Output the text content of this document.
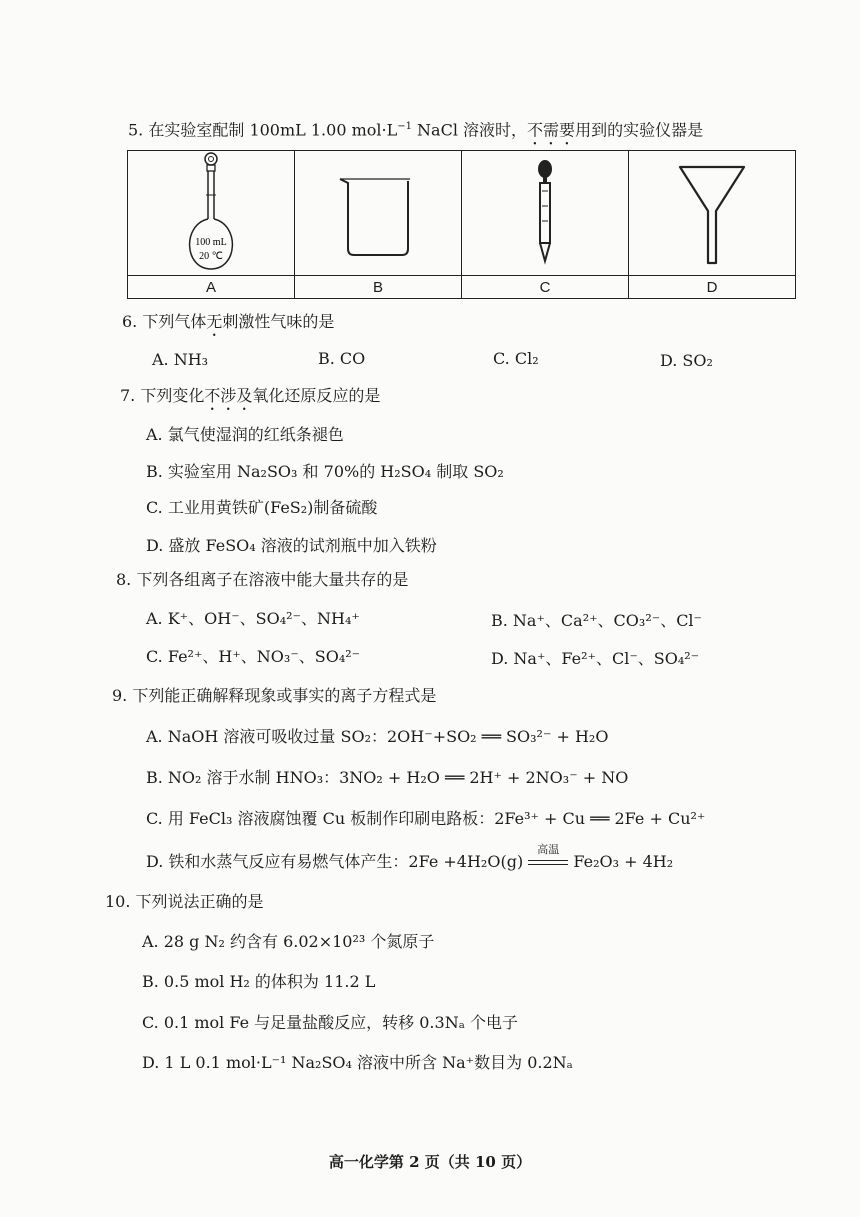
5. 在实验室配制 100mL 1.00 $mol\cdot L^{-1}$ NaCl 溶液时，不需要用到的实验仪器是
100 mL
20 ℃

A	B	C	D
6. 下列气体无刺激性气味的是
A. NH₃	B. CO	C. Cl₂	D. SO₂
7. 下列变化不涉及氧化还原反应的是
A. 氯气使湿润的红纸条褪色
B. 实验室用 Na₂SO₃ 和 70%的 H₂SO₄ 制取 SO₂
C. 工业用黄铁矿(FeS₂)制备硫酸
D. 盛放 FeSO₄ 溶液的试剂瓶中加入铁粉
8. 下列各组离子在溶液中能大量共存的是
A. K⁺、OH⁻、SO₄²⁻、NH₄⁺	B. Na⁺、Ca²⁺、CO₃²⁻、Cl⁻
C. Fe²⁺、H⁺、NO₃⁻、SO₄²⁻	D. Na⁺、Fe²⁺、Cl⁻、SO₄²⁻
9. 下列能正确解释现象或事实的离子方程式是
A. NaOH 溶液可吸收过量 SO₂：2OH⁻+SO₂ ══ SO₃²⁻ + H₂O
B. NO₂ 溶于水制 HNO₃：3NO₂ + H₂O ══ 2H⁺ + 2NO₃⁻ + NO
C. 用 FeCl₃ 溶液腐蚀覆 Cu 板制作印刷电路板：2Fe³⁺ + Cu ══ 2Fe + Cu²⁺
D. 铁和水蒸气反应有易燃气体产生：2Fe +4H₂O(g)
高温
Fe₂O₃ + 4H₂
10. 下列说法正确的是
A. 28 g N₂ 约含有 6.02×10²³ 个氮原子
B. 0.5 mol H₂ 的体积为 11.2 L
C. 0.1 mol Fe 与足量盐酸反应，转移 0.3Nₐ 个电子
D. 1 L 0.1 mol·L⁻¹ Na₂SO₄ 溶液中所含 Na⁺数目为 0.2Nₐ
高一化学第 2 页（共 10 页）
